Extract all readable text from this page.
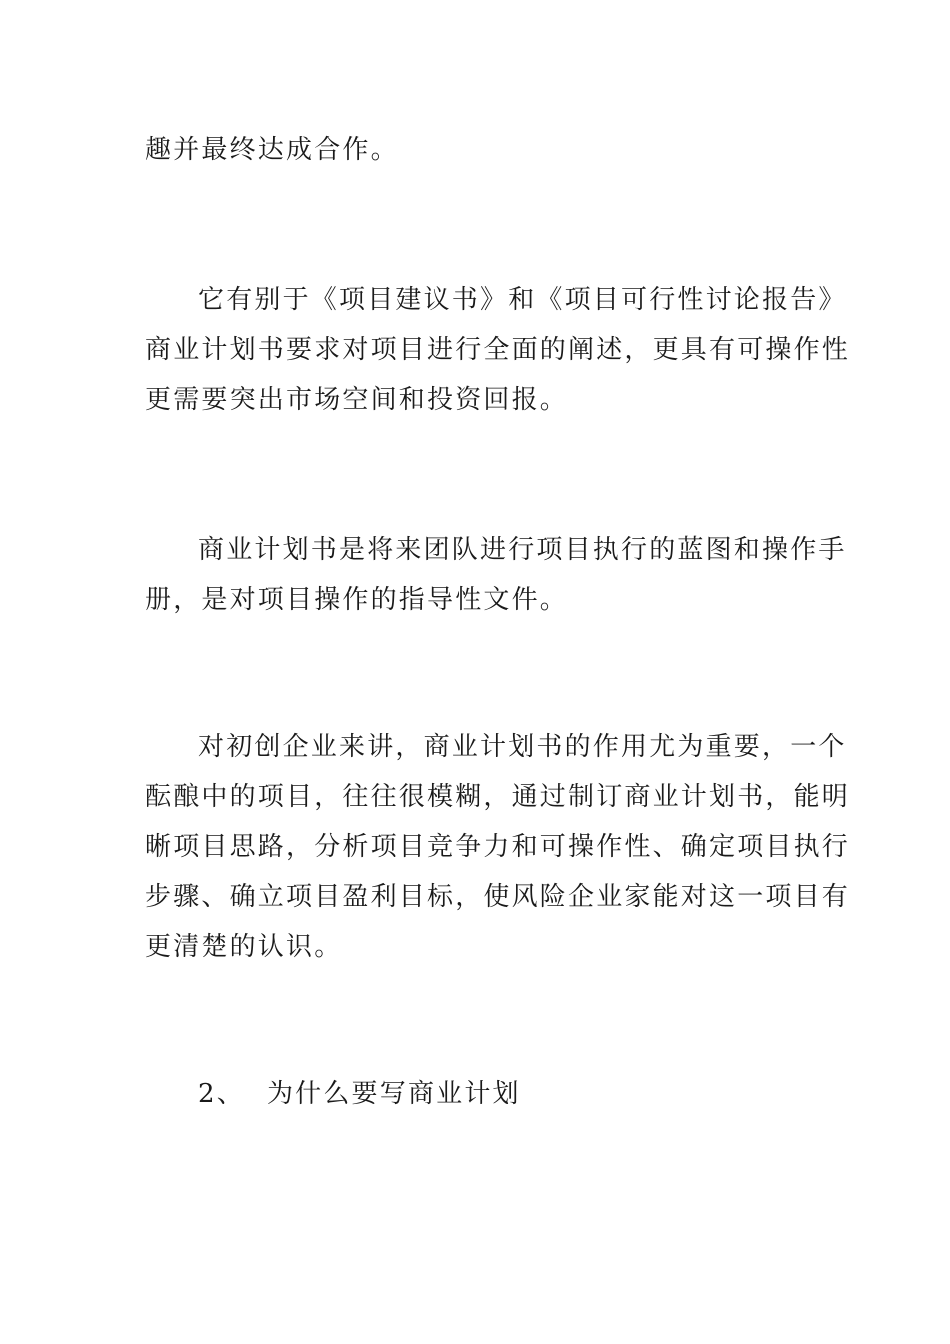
趣并最终达成合作。
它有别于《项目建议书》和《项目可行性讨论报告》
商业计划书要求对项目进行全面的阐述，更具有可操作性
更需要突出市场空间和投资回报。
商业计划书是将来团队进行项目执行的蓝图和操作手
册，是对项目操作的指导性文件。
对初创企业来讲，商业计划书的作用尤为重要，一个
酝酿中的项目，往往很模糊，通过制订商业计划书，能明
晰项目思路，分析项目竞争力和可操作性、确定项目执行
步骤、确立项目盈利目标，使风险企业家能对这一项目有
更清楚的认识。
2、 为什么要写商业计划
